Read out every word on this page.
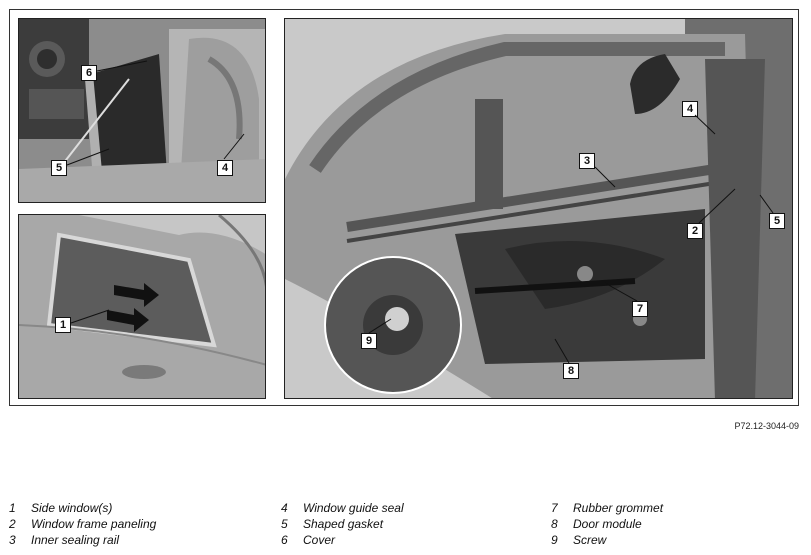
6
5	4
1
3
4
2
5
7
9
8
P72.12-3044-09
1 Side window(s)
2 Window frame paneling
3 Inner sealing rail
4 Window guide seal
5 Shaped gasket
6 Cover
7 Rubber grommet
8 Door module
9 Screw
